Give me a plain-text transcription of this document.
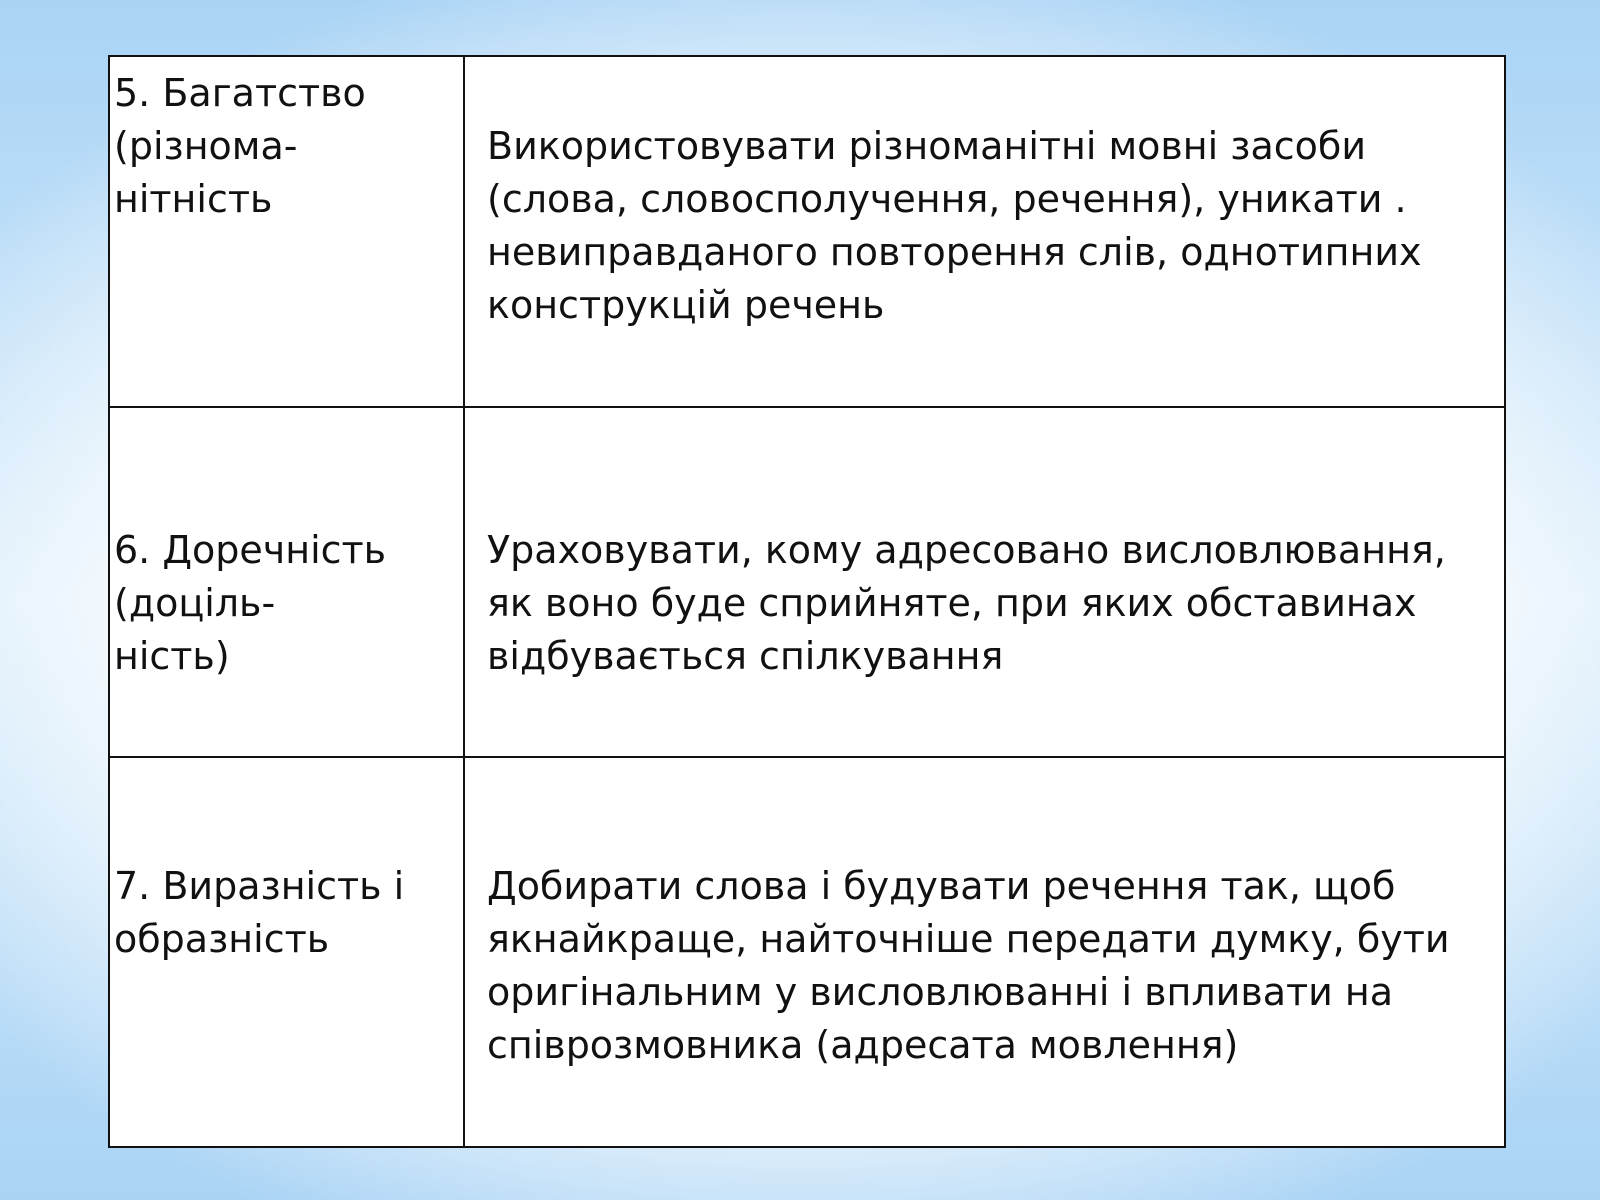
5. Багатство
(різнома-
нітність
Використовувати різноманітні мовні засоби
(слова, словосполучення, речення), уникати .
невиправданого повторення слів, однотипних
конструкцій речень
6. Доречність
(доціль-
ність)
Ураховувати, кому адресовано висловлювання,
як воно буде сприйняте, при яких обставинах
відбувається спілкування
7. Виразність і
образність
Добирати слова і будувати речення так, щоб
якнайкраще, найточніше передати думку, бути
оригінальним у висловлюванні і впливати на
співрозмовника (адресата мовлення)
